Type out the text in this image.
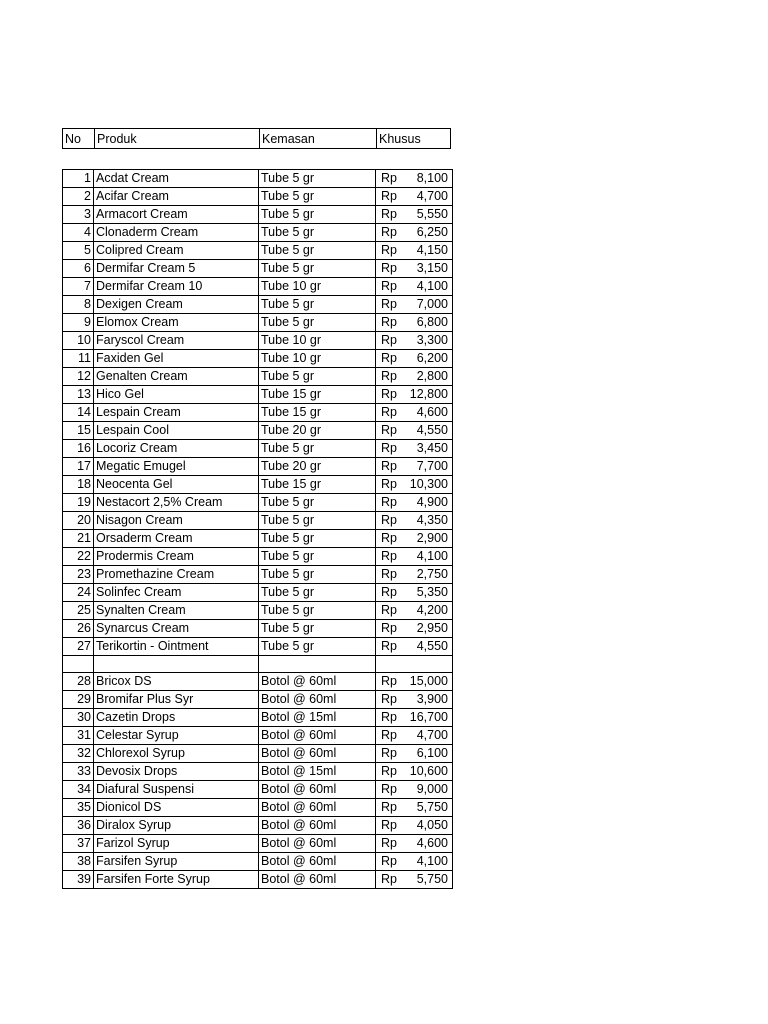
No	Produk	Kemasan	Khusus
1	Acdat Cream	Tube 5 gr	Rp 8,100

2	Acifar Cream	Tube 5 gr	Rp 4,700

3	Armacort Cream	Tube 5 gr	Rp 5,550

4	Clonaderm Cream	Tube 5 gr	Rp 6,250

5	Colipred Cream	Tube 5 gr	Rp 4,150

6	Dermifar Cream 5	Tube 5 gr	Rp 3,150

7	Dermifar Cream 10	Tube 10 gr	Rp 4,100

8	Dexigen Cream	Tube 5 gr	Rp 7,000

9	Elomox Cream	Tube 5 gr	Rp 6,800

10	Faryscol Cream	Tube 10 gr	Rp 3,300

11	Faxiden Gel	Tube 10 gr	Rp 6,200

12	Genalten Cream	Tube 5 gr	Rp 2,800

13	Hico Gel	Tube 15 gr	Rp 12,800

14	Lespain Cream	Tube 15 gr	Rp 4,600

15	Lespain Cool	Tube 20 gr	Rp 4,550

16	Locoriz Cream	Tube 5 gr	Rp 3,450

17	Megatic Emugel	Tube 20 gr	Rp 7,700

18	Neocenta Gel	Tube 15 gr	Rp 10,300

19	Nestacort 2,5% Cream	Tube 5 gr	Rp 4,900

20	Nisagon Cream	Tube 5 gr	Rp 4,350

21	Orsaderm Cream	Tube 5 gr	Rp 2,900

22	Prodermis Cream	Tube 5 gr	Rp 4,100

23	Promethazine Cream	Tube 5 gr	Rp 2,750

24	Solinfec Cream	Tube 5 gr	Rp 5,350

25	Synalten Cream	Tube 5 gr	Rp 4,200

26	Synarcus Cream	Tube 5 gr	Rp 2,950

27	Terikortin - Ointment	Tube 5 gr	Rp 4,550

28	Bricox DS	Botol @ 60ml	Rp 15,000

29	Bromifar Plus Syr	Botol @ 60ml	Rp 3,900

30	Cazetin Drops	Botol @ 15ml	Rp 16,700

31	Celestar Syrup	Botol @ 60ml	Rp 4,700

32	Chlorexol Syrup	Botol @ 60ml	Rp 6,100

33	Devosix Drops	Botol @ 15ml	Rp 10,600

34	Diafural Suspensi	Botol @ 60ml	Rp 9,000

35	Dionicol DS	Botol @ 60ml	Rp 5,750

36	Diralox Syrup	Botol @ 60ml	Rp 4,050

37	Farizol Syrup	Botol @ 60ml	Rp 4,600

38	Farsifen Syrup	Botol @ 60ml	Rp 4,100

39	Farsifen Forte Syrup	Botol @ 60ml	Rp 5,750
